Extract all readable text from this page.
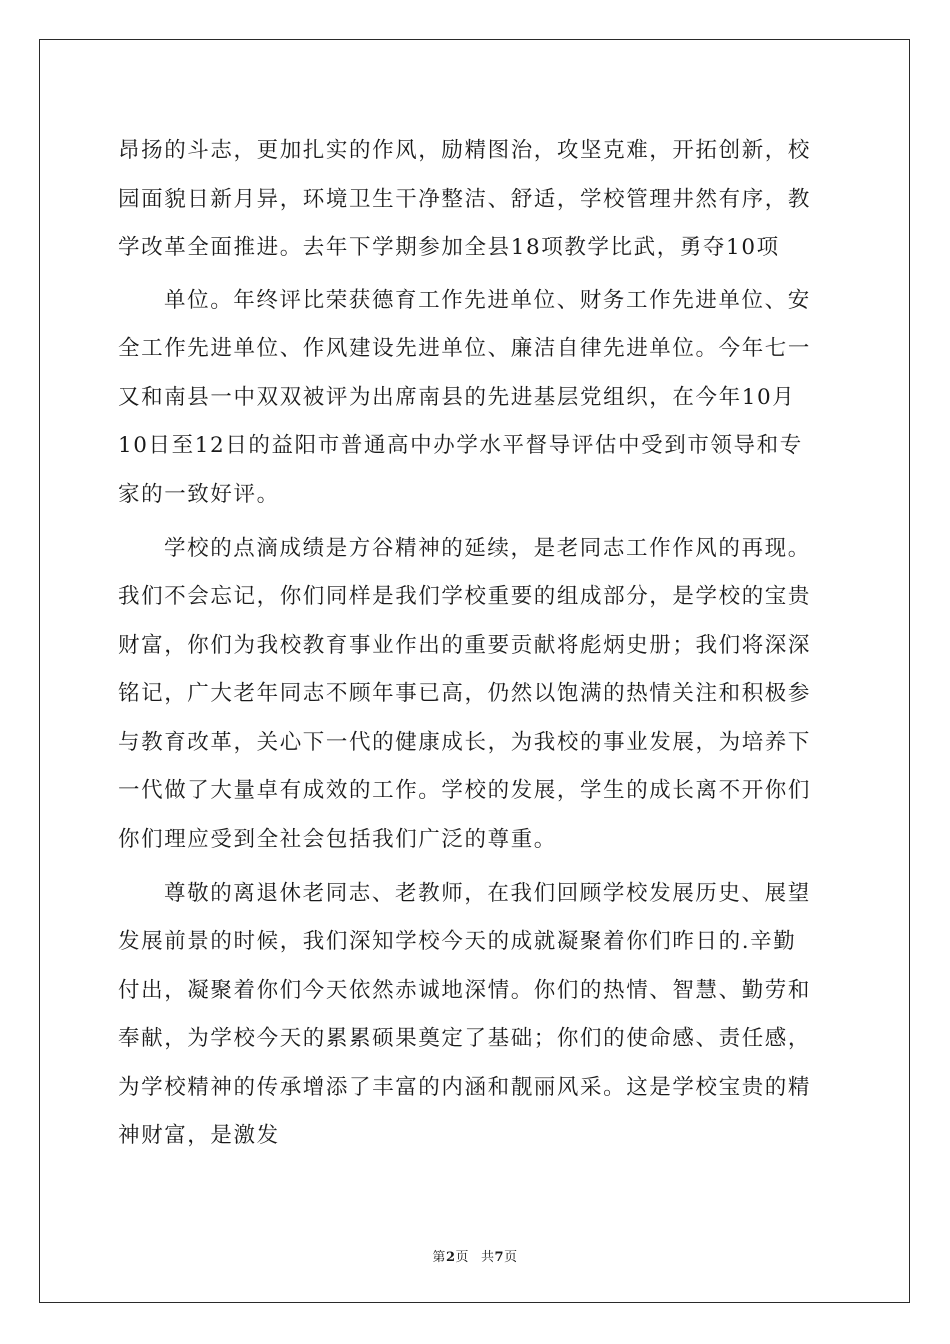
昂扬的斗志，更加扎实的作风，励精图治，攻坚克难，开拓创新，校
园面貌日新月异，环境卫生干净整洁、舒适，学校管理井然有序，教
学改革全面推进。去年下学期参加全县18项教学比武，勇夺10项
单位。年终评比荣获德育工作先进单位、财务工作先进单位、安
全工作先进单位、作风建设先进单位、廉洁自律先进单位。今年七一
又和南县一中双双被评为出席南县的先进基层党组织，在今年10月
10日至12日的益阳市普通高中办学水平督导评估中受到市领导和专
家的一致好评。
学校的点滴成绩是方谷精神的延续，是老同志工作作风的再现。
我们不会忘记，你们同样是我们学校重要的组成部分，是学校的宝贵
财富，你们为我校教育事业作出的重要贡献将彪炳史册；我们将深深
铭记，广大老年同志不顾年事已高，仍然以饱满的热情关注和积极参
与教育改革，关心下一代的健康成长，为我校的事业发展，为培养下
一代做了大量卓有成效的工作。学校的发展，学生的成长离不开你们
你们理应受到全社会包括我们广泛的尊重。
尊敬的离退休老同志、老教师，在我们回顾学校发展历史、展望
发展前景的时候，我们深知学校今天的成就凝聚着你们昨日的.辛勤
付出，凝聚着你们今天依然赤诚地深情。你们的热情、智慧、勤劳和
奉献，为学校今天的累累硕果奠定了基础；你们的使命感、责任感，
为学校精神的传承增添了丰富的内涵和靓丽风采。这是学校宝贵的精
神财富，是激发
第2页 共7页
